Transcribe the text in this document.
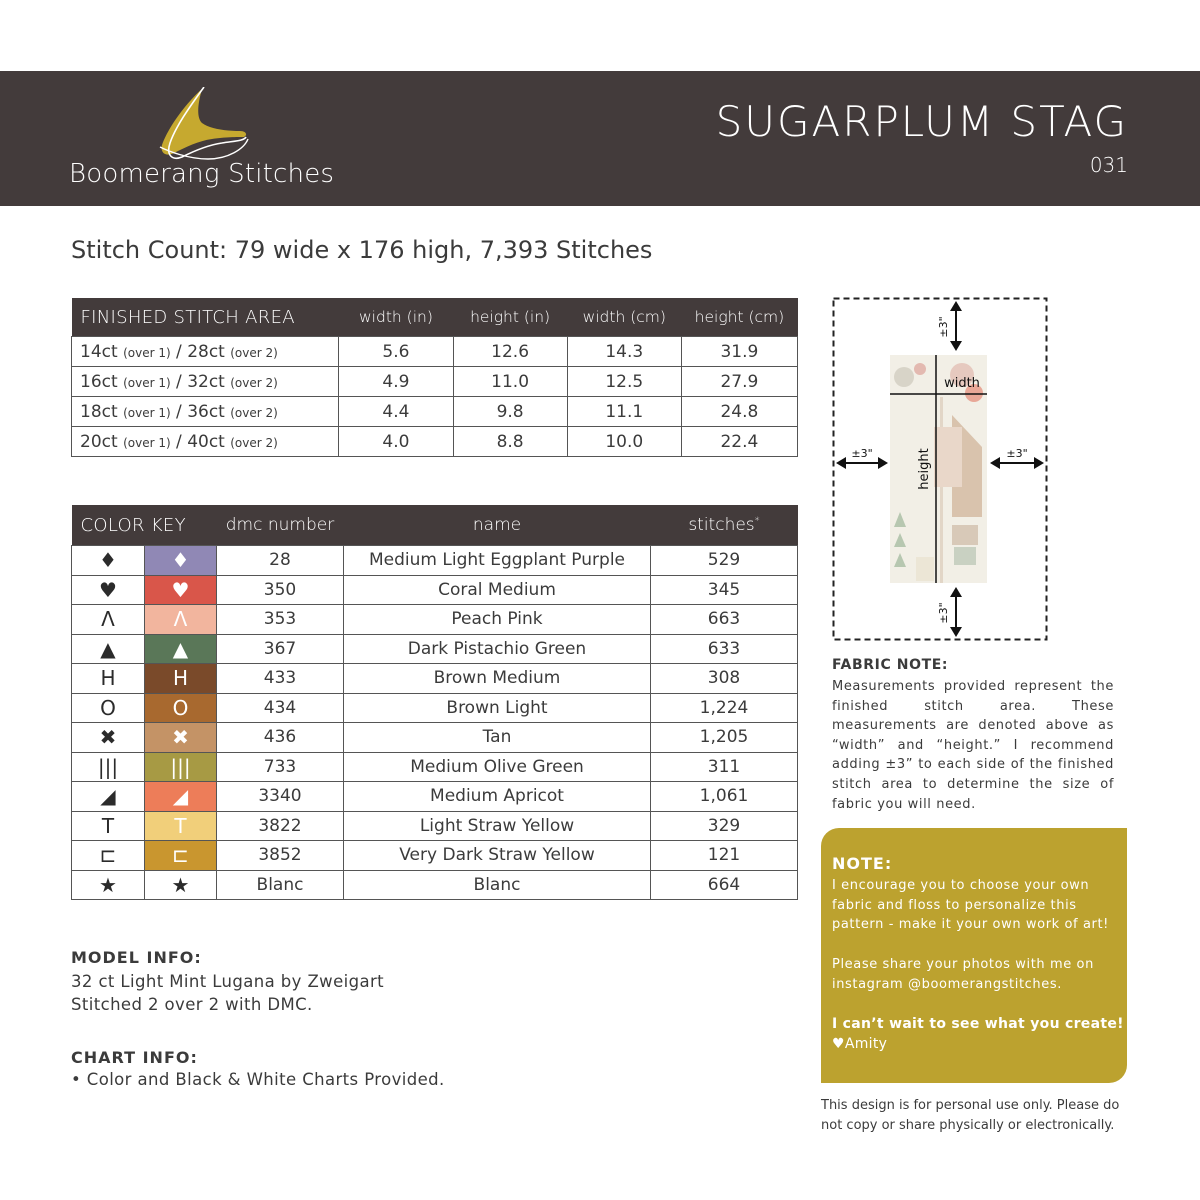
Boomerang Stitches
SUGARPLUM STAG
031
Stitch Count: 79 wide x 176 high, 7,393 Stitches
FINISHED STITCH AREA	width (in)	height (in)	width (cm)	height (cm)
14ct (over 1) / 28ct (over 2)	5.6	12.6	14.3	31.9
16ct (over 1) / 32ct (over 2)	4.9	11.0	12.5	27.9
18ct (over 1) / 36ct (over 2)	4.4	9.8	11.1	24.8
20ct (over 1) / 40ct (over 2)	4.0	8.8	10.0	22.4
COLOR KEY		dmc number	name	stitches*
♦	♦	28	Medium Light Eggplant Purple	529
♥	♥	350	Coral Medium	345
Λ	Λ	353	Peach Pink	663
▲	▲	367	Dark Pistachio Green	633
H	H	433	Brown Medium	308
O	O	434	Brown Light	1,224
✖	✖	436	Tan	1,205
|||	|||	733	Medium Olive Green	311
◢	◢	3340	Medium Apricot	1,061
T	T	3822	Light Straw Yellow	329
⊏	⊏	3852	Very Dark Straw Yellow	121
★	★	Blanc	Blanc	664
MODEL INFO:
32 ct Light Mint Lugana by Zweigart
Stitched 2 over 2 with DMC.
CHART INFO:
• Color and Black & White Charts Provided.
width
height
±3"
±3"
±3"	±3"
FABRIC NOTE:
Measurements provided represent the finished stitch area. These measurements are denoted above as “width” and “height.” I recommend adding ±3” to each side of the finished stitch area to determine the size of fabric you will need.
NOTE:
I encourage you to choose your own fabric and floss to personalize this pattern - make it your own work of art!
Please share your photos with me on instagram @boomerangstitches.
I can’t wait to see what you create!
♥Amity
This design is for personal use only. Please do not copy or share physically or electronically.
